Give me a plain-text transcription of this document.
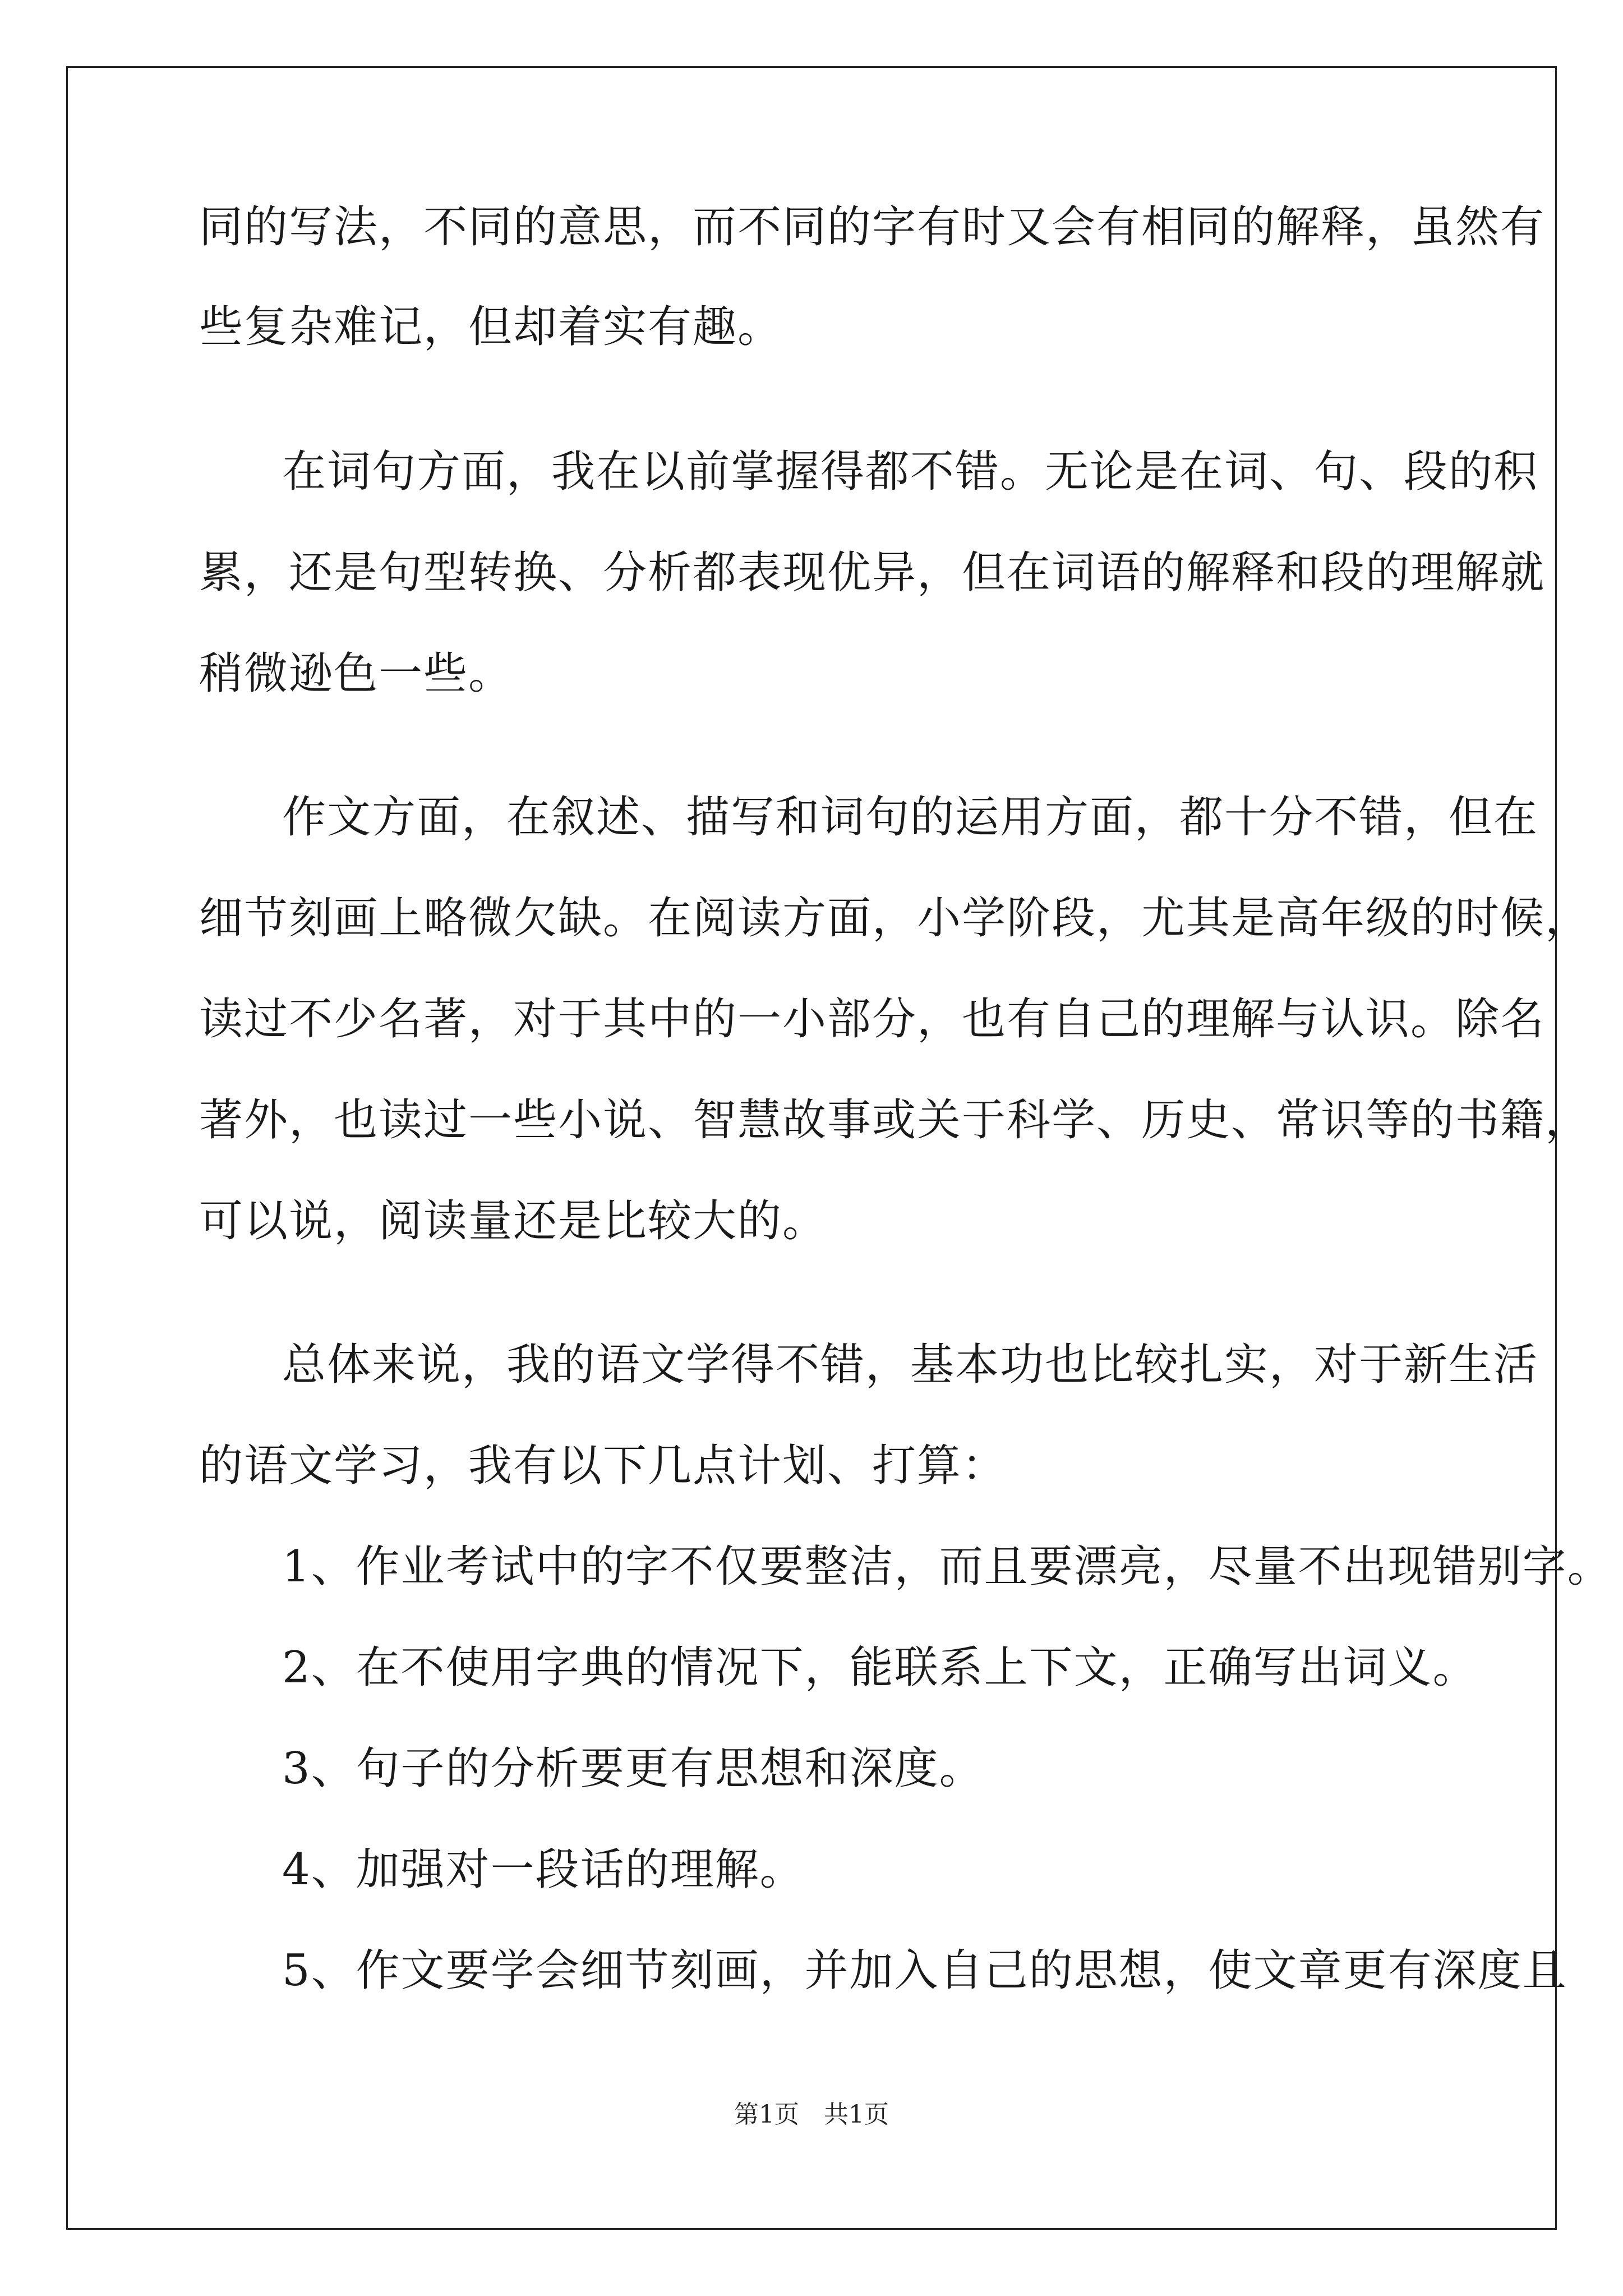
同的写法，不同的意思，而不同的字有时又会有相同的解释，虽然有
些复杂难记，但却着实有趣。
在词句方面，我在以前掌握得都不错。无论是在词、句、段的积
累，还是句型转换、分析都表现优异，但在词语的解释和段的理解就
稍微逊色一些。
作文方面，在叙述、描写和词句的运用方面，都十分不错，但在
细节刻画上略微欠缺。在阅读方面，小学阶段，尤其是高年级的时候，
读过不少名著，对于其中的一小部分，也有自己的理解与认识。除名
著外，也读过一些小说、智慧故事或关于科学、历史、常识等的书籍，
可以说，阅读量还是比较大的。
总体来说，我的语文学得不错，基本功也比较扎实，对于新生活
的语文学习，我有以下几点计划、打算：
1、作业考试中的字不仅要整洁，而且要漂亮，尽量不出现错别字。
2、在不使用字典的情况下，能联系上下文，正确写出词义。
3、句子的分析要更有思想和深度。
4、加强对一段话的理解。
5、作文要学会细节刻画，并加入自己的思想，使文章更有深度且
第1页　共1页
